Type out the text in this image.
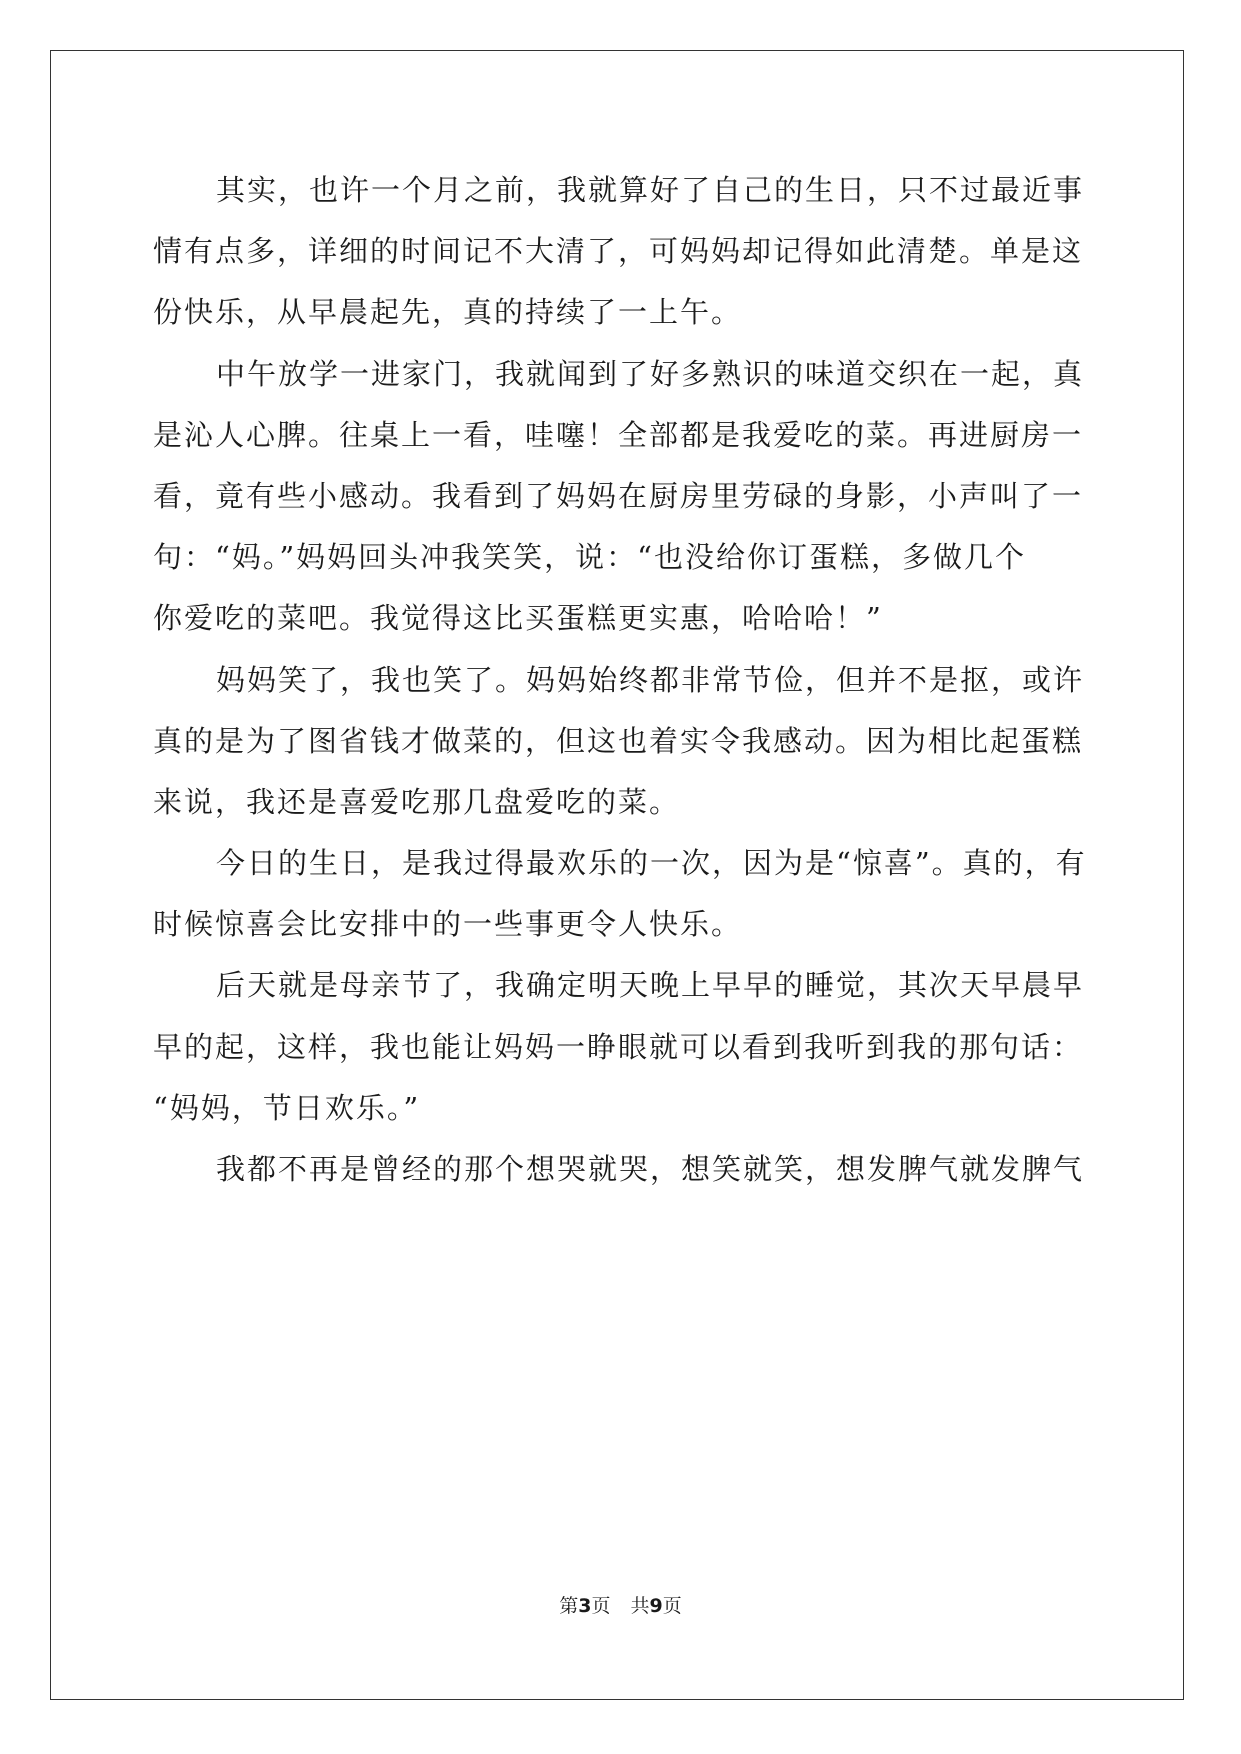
其实，也许一个月之前，我就算好了自己的生日，只不过最近事
情有点多，详细的时间记不大清了，可妈妈却记得如此清楚。单是这
份快乐，从早晨起先，真的持续了一上午。
中午放学一进家门，我就闻到了好多熟识的味道交织在一起，真
是沁人心脾。往桌上一看，哇噻！全部都是我爱吃的菜。再进厨房一
看，竟有些小感动。我看到了妈妈在厨房里劳碌的身影，小声叫了一
句：“妈。”妈妈回头冲我笑笑，说：“也没给你订蛋糕，多做几个
你爱吃的菜吧。我觉得这比买蛋糕更实惠，哈哈哈！”
妈妈笑了，我也笑了。妈妈始终都非常节俭，但并不是抠，或许
真的是为了图省钱才做菜的，但这也着实令我感动。因为相比起蛋糕
来说，我还是喜爱吃那几盘爱吃的菜。
今日的生日，是我过得最欢乐的一次，因为是“惊喜”。真的，有
时候惊喜会比安排中的一些事更令人快乐。
后天就是母亲节了，我确定明天晚上早早的睡觉，其次天早晨早
早的起，这样，我也能让妈妈一睁眼就可以看到我听到我的那句话：
“妈妈，节日欢乐。”
我都不再是曾经的那个想哭就哭，想笑就笑，想发脾气就发脾气
第3页 共9页
